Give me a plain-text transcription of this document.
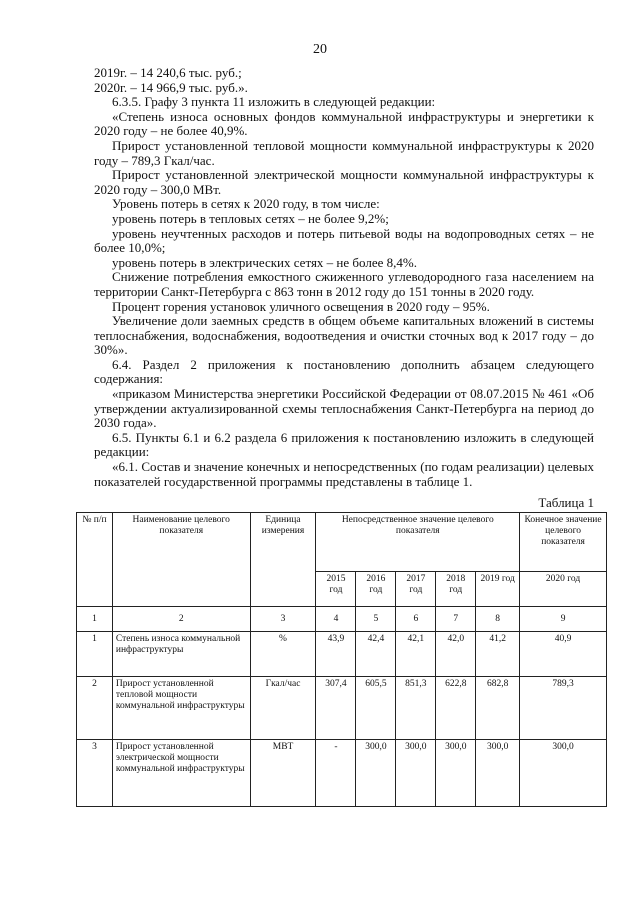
20

2019г. – 14 240,6 тыс. руб.;

2020г. – 14 966,9 тыс. руб.».

6.3.5. Графу 3 пункта 11 изложить в следующей редакции:

«Степень износа основных фондов коммунальной инфраструктуры и энергетики к 2020 году – не более 40,9%.

Прирост установленной тепловой мощности коммунальной инфраструктуры к 2020 году – 789,3 Гкал/час.

Прирост установленной электрической мощности коммунальной инфраструктуры к 2020 году – 300,0 МВт.

Уровень потерь в сетях к 2020 году, в том числе:

уровень потерь в тепловых сетях – не более 9,2%;

уровень неучтенных расходов и потерь питьевой воды на водопроводных сетях – не более 10,0%;

уровень потерь в электрических сетях – не более 8,4%.

Снижение потребления емкостного сжиженного углеводородного газа населением на территории Санкт-Петербурга с 863 тонн в 2012 году до 151 тонны в 2020 году.

Процент горения установок уличного освещения в 2020 году – 95%.

Увеличение доли заемных средств в общем объеме капитальных вложений в системы теплоснабжения, водоснабжения, водоотведения и очистки сточных вод к 2017 году – до 30%».

6.4. Раздел 2 приложения к постановлению дополнить абзацем следующего содержания:

«приказом Министерства энергетики Российской Федерации от 08.07.2015 № 461 «Об утверждении актуализированной схемы теплоснабжения Санкт-Петербурга на период до 2030 года».

6.5. Пункты 6.1 и 6.2 раздела 6 приложения к постановлению изложить в следующей редакции:

«6.1. Состав и значение конечных и непосредственных (по годам реализации) целевых показателей государственной программы представлены в таблице 1.

Таблица 1
№ п/п	Наименование целевого показателя	Единица измерения	Непосредственное значение целевого показателя					Конечное значение целевого показателя
			2015 год	2016 год	2017 год	2018 год	2019 год	2020 год
1	2	3	4	5	6	7	8	9
1	Степень износа коммунальной инфраструктуры	%	43,9	42,4	42,1	42,0	41,2	40,9
2	Прирост установленной тепловой мощности коммунальной инфраструктуры	Гкал/час	307,4	605,5	851,3	622,8	682,8	789,3
3	Прирост установленной электрической мощности коммунальной инфраструктуры	МВТ	-	300,0	300,0	300,0	300,0	300,0
